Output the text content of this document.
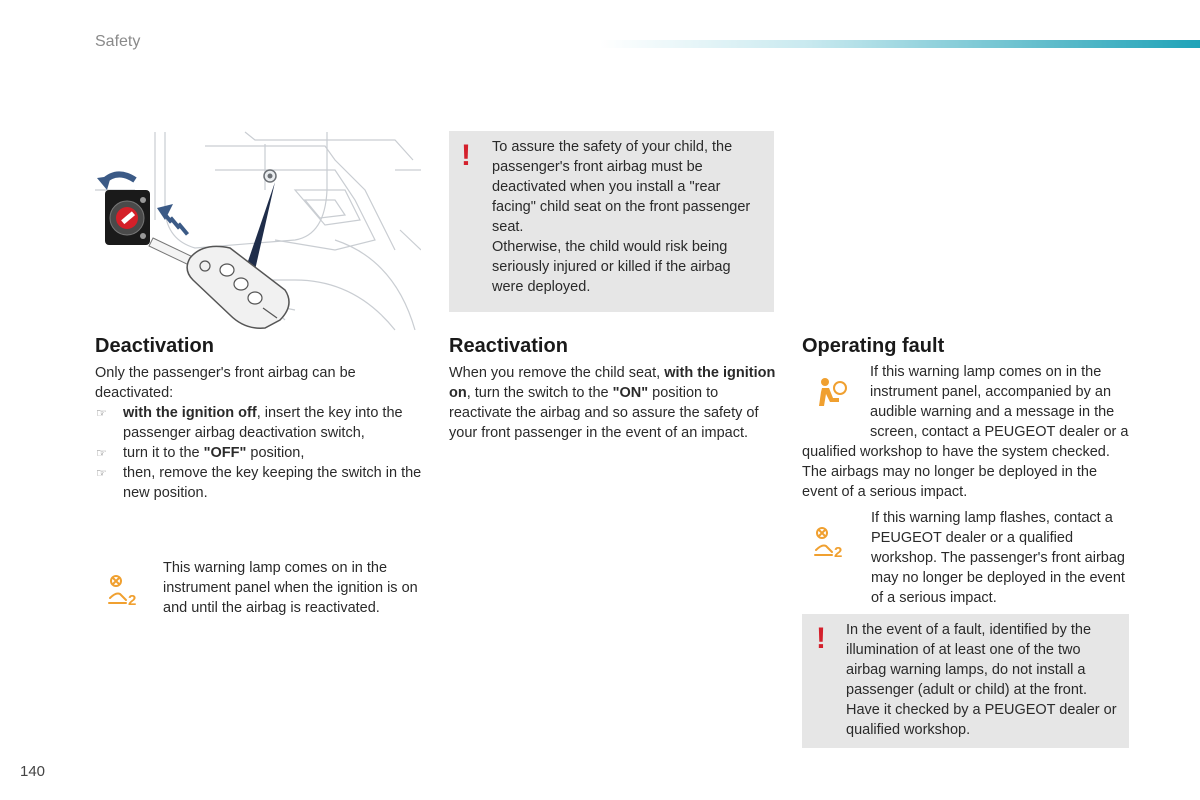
Safety
! To assure the safety of your child, the passenger's front airbag must be deactivated when you install a "rear facing" child seat on the front passenger seat.

Otherwise, the child would risk being seriously injured or killed if the airbag were deployed.

Deactivation

Only the passenger's front airbag can be deactivated:

☞ with the ignition off, insert the key into the passenger airbag deactivation switch,
☞ turn it to the "OFF" position,
☞ then, remove the key keeping the switch in the new position.
2

This warning lamp comes on in the instrument panel when the ignition is on and until the airbag is reactivated.

Reactivation

When you remove the child seat, with the ignition on, turn the switch to the "ON" position to reactivate the airbag and so assure the safety of your front passenger in the event of an impact.

Operating fault
If this warning lamp comes on in the instrument panel, accompanied by an audible warning and a message in the screen, contact a PEUGEOT dealer or a qualified workshop to have the system checked. The airbags may no longer be deployed in the event of a serious impact.
2

If this warning lamp flashes, contact a PEUGEOT dealer or a qualified workshop. The passenger's front airbag may no longer be deployed in the event of a serious impact.

! In the event of a fault, identified by the illumination of at least one of the two airbag warning lamps, do not install a passenger (adult or child) at the front. Have it checked by a PEUGEOT dealer or qualified workshop.

140
